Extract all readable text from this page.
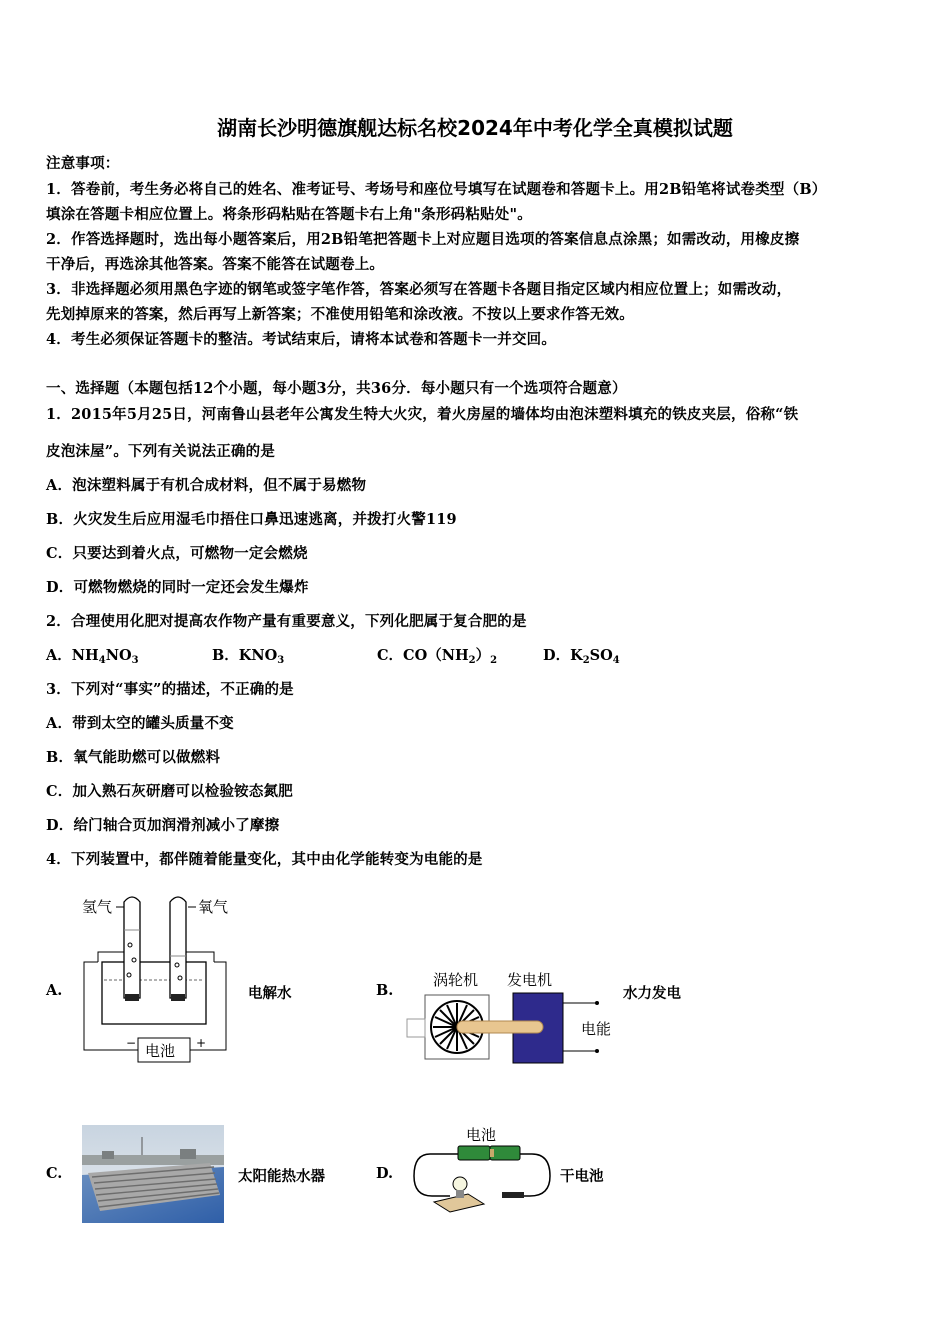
湖南长沙明德旗舰达标名校2024年中考化学全真模拟试题
注意事项：
1．答卷前，考生务必将自己的姓名、准考证号、考场号和座位号填写在试题卷和答题卡上。用2B铅笔将试卷类型（B）
填涂在答题卡相应位置上。将条形码粘贴在答题卡右上角"条形码粘贴处"。
2．作答选择题时，选出每小题答案后，用2B铅笔把答题卡上对应题目选项的答案信息点涂黑；如需改动，用橡皮擦
干净后，再选涂其他答案。答案不能答在试题卷上。
3．非选择题必须用黑色字迹的钢笔或签字笔作答，答案必须写在答题卡各题目指定区域内相应位置上；如需改动，
先划掉原来的答案，然后再写上新答案；不准使用铅笔和涂改液。不按以上要求作答无效。
4．考生必须保证答题卡的整洁。考试结束后，请将本试卷和答题卡一并交回。
一、选择题（本题包括12个小题，每小题3分，共36分．每小题只有一个选项符合题意）
1．2015年5月25日，河南鲁山县老年公寓发生特大火灾，着火房屋的墙体均由泡沫塑料填充的铁皮夹层，俗称“铁
皮泡沫屋”。下列有关说法正确的是
A．泡沫塑料属于有机合成材料，但不属于易燃物
B．火灾发生后应用湿毛巾捂住口鼻迅速逃离，并拨打火警119
C．只要达到着火点，可燃物一定会燃烧
D．可燃物燃烧的同时一定还会发生爆炸
2．合理使用化肥对提高农作物产量有重要意义，下列化肥属于复合肥的是
A．$NH_4NO_3$	B．$KNO_3$	C．$CO(NH_2)_2$	D．$K_2SO_4$
3．下列对“事实”的描述，不正确的是
A．带到太空的罐头质量不变
B．氧气能助燃可以做燃料
C．加入熟石灰研磨可以检验铵态氮肥
D．给门轴合页加润滑剂减小了摩擦
4．下列装置中，都伴随着能量变化，其中由化学能转变为电能的是
A.
氢气	氧气
电池
−	+
电解水	B.
涡轮机 发电机
电能
水力发电
C.	太阳能热水器	D.
电池
干电池
